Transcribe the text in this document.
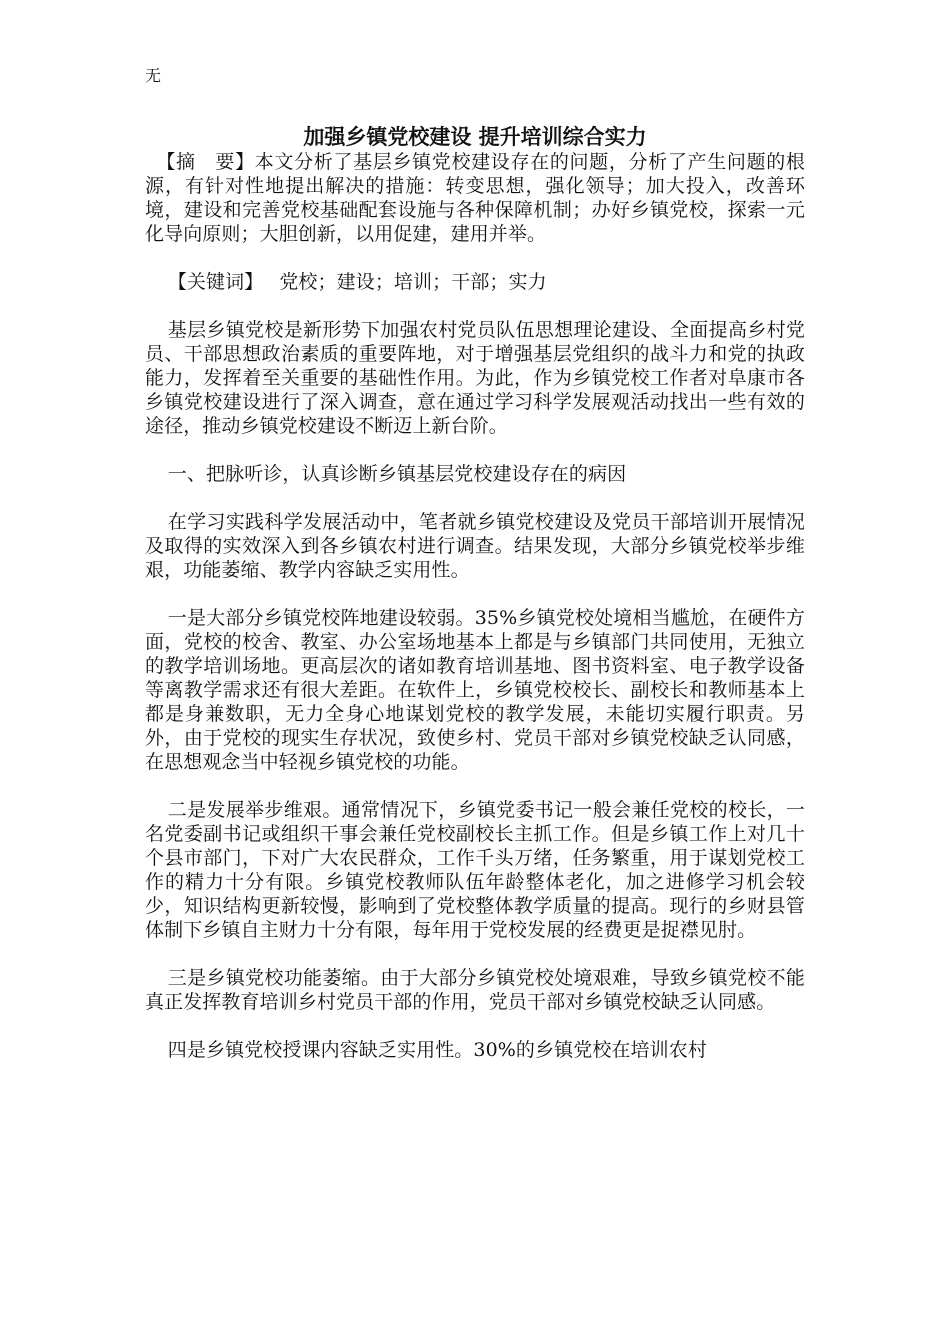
无
加强乡镇党校建设 提升培训综合实力

【摘　要】本文分析了基层乡镇党校建设存在的问题，分析了产生问题的根源，有针对性地提出解决的措施：转变思想，强化领导；加大投入，改善环境，建设和完善党校基础配套设施与各种保障机制；办好乡镇党校，探索一元化导向原则；大胆创新，以用促建，建用并举。

【关键词】 党校；建设；培训；干部；实力

基层乡镇党校是新形势下加强农村党员队伍思想理论建设、全面提高乡村党员、干部思想政治素质的重要阵地，对于增强基层党组织的战斗力和党的执政能力，发挥着至关重要的基础性作用。为此，作为乡镇党校工作者对阜康市各乡镇党校建设进行了深入调查，意在通过学习科学发展观活动找出一些有效的途径，推动乡镇党校建设不断迈上新台阶。

一、把脉听诊，认真诊断乡镇基层党校建设存在的病因

在学习实践科学发展活动中，笔者就乡镇党校建设及党员干部培训开展情况及取得的实效深入到各乡镇农村进行调查。结果发现，大部分乡镇党校举步维艰，功能萎缩、教学内容缺乏实用性。

一是大部分乡镇党校阵地建设较弱。35%乡镇党校处境相当尴尬，在硬件方面，党校的校舍、教室、办公室场地基本上都是与乡镇部门共同使用，无独立的教学培训场地。更高层次的诸如教育培训基地、图书资料室、电子教学设备等离教学需求还有很大差距。在软件上，乡镇党校校长、副校长和教师基本上都是身兼数职，无力全身心地谋划党校的教学发展，未能切实履行职责。另外，由于党校的现实生存状况，致使乡村、党员干部对乡镇党校缺乏认同感，在思想观念当中轻视乡镇党校的功能。

二是发展举步维艰。通常情况下，乡镇党委书记一般会兼任党校的校长，一名党委副书记或组织干事会兼任党校副校长主抓工作。但是乡镇工作上对几十个县市部门，下对广大农民群众，工作千头万绪，任务繁重，用于谋划党校工作的精力十分有限。乡镇党校教师队伍年龄整体老化，加之进修学习机会较少，知识结构更新较慢，影响到了党校整体教学质量的提高。现行的乡财县管体制下乡镇自主财力十分有限，每年用于党校发展的经费更是捉襟见肘。

三是乡镇党校功能萎缩。由于大部分乡镇党校处境艰难，导致乡镇党校不能真正发挥教育培训乡村党员干部的作用，党员干部对乡镇党校缺乏认同感。

四是乡镇党校授课内容缺乏实用性。30%的乡镇党校在培训农村
